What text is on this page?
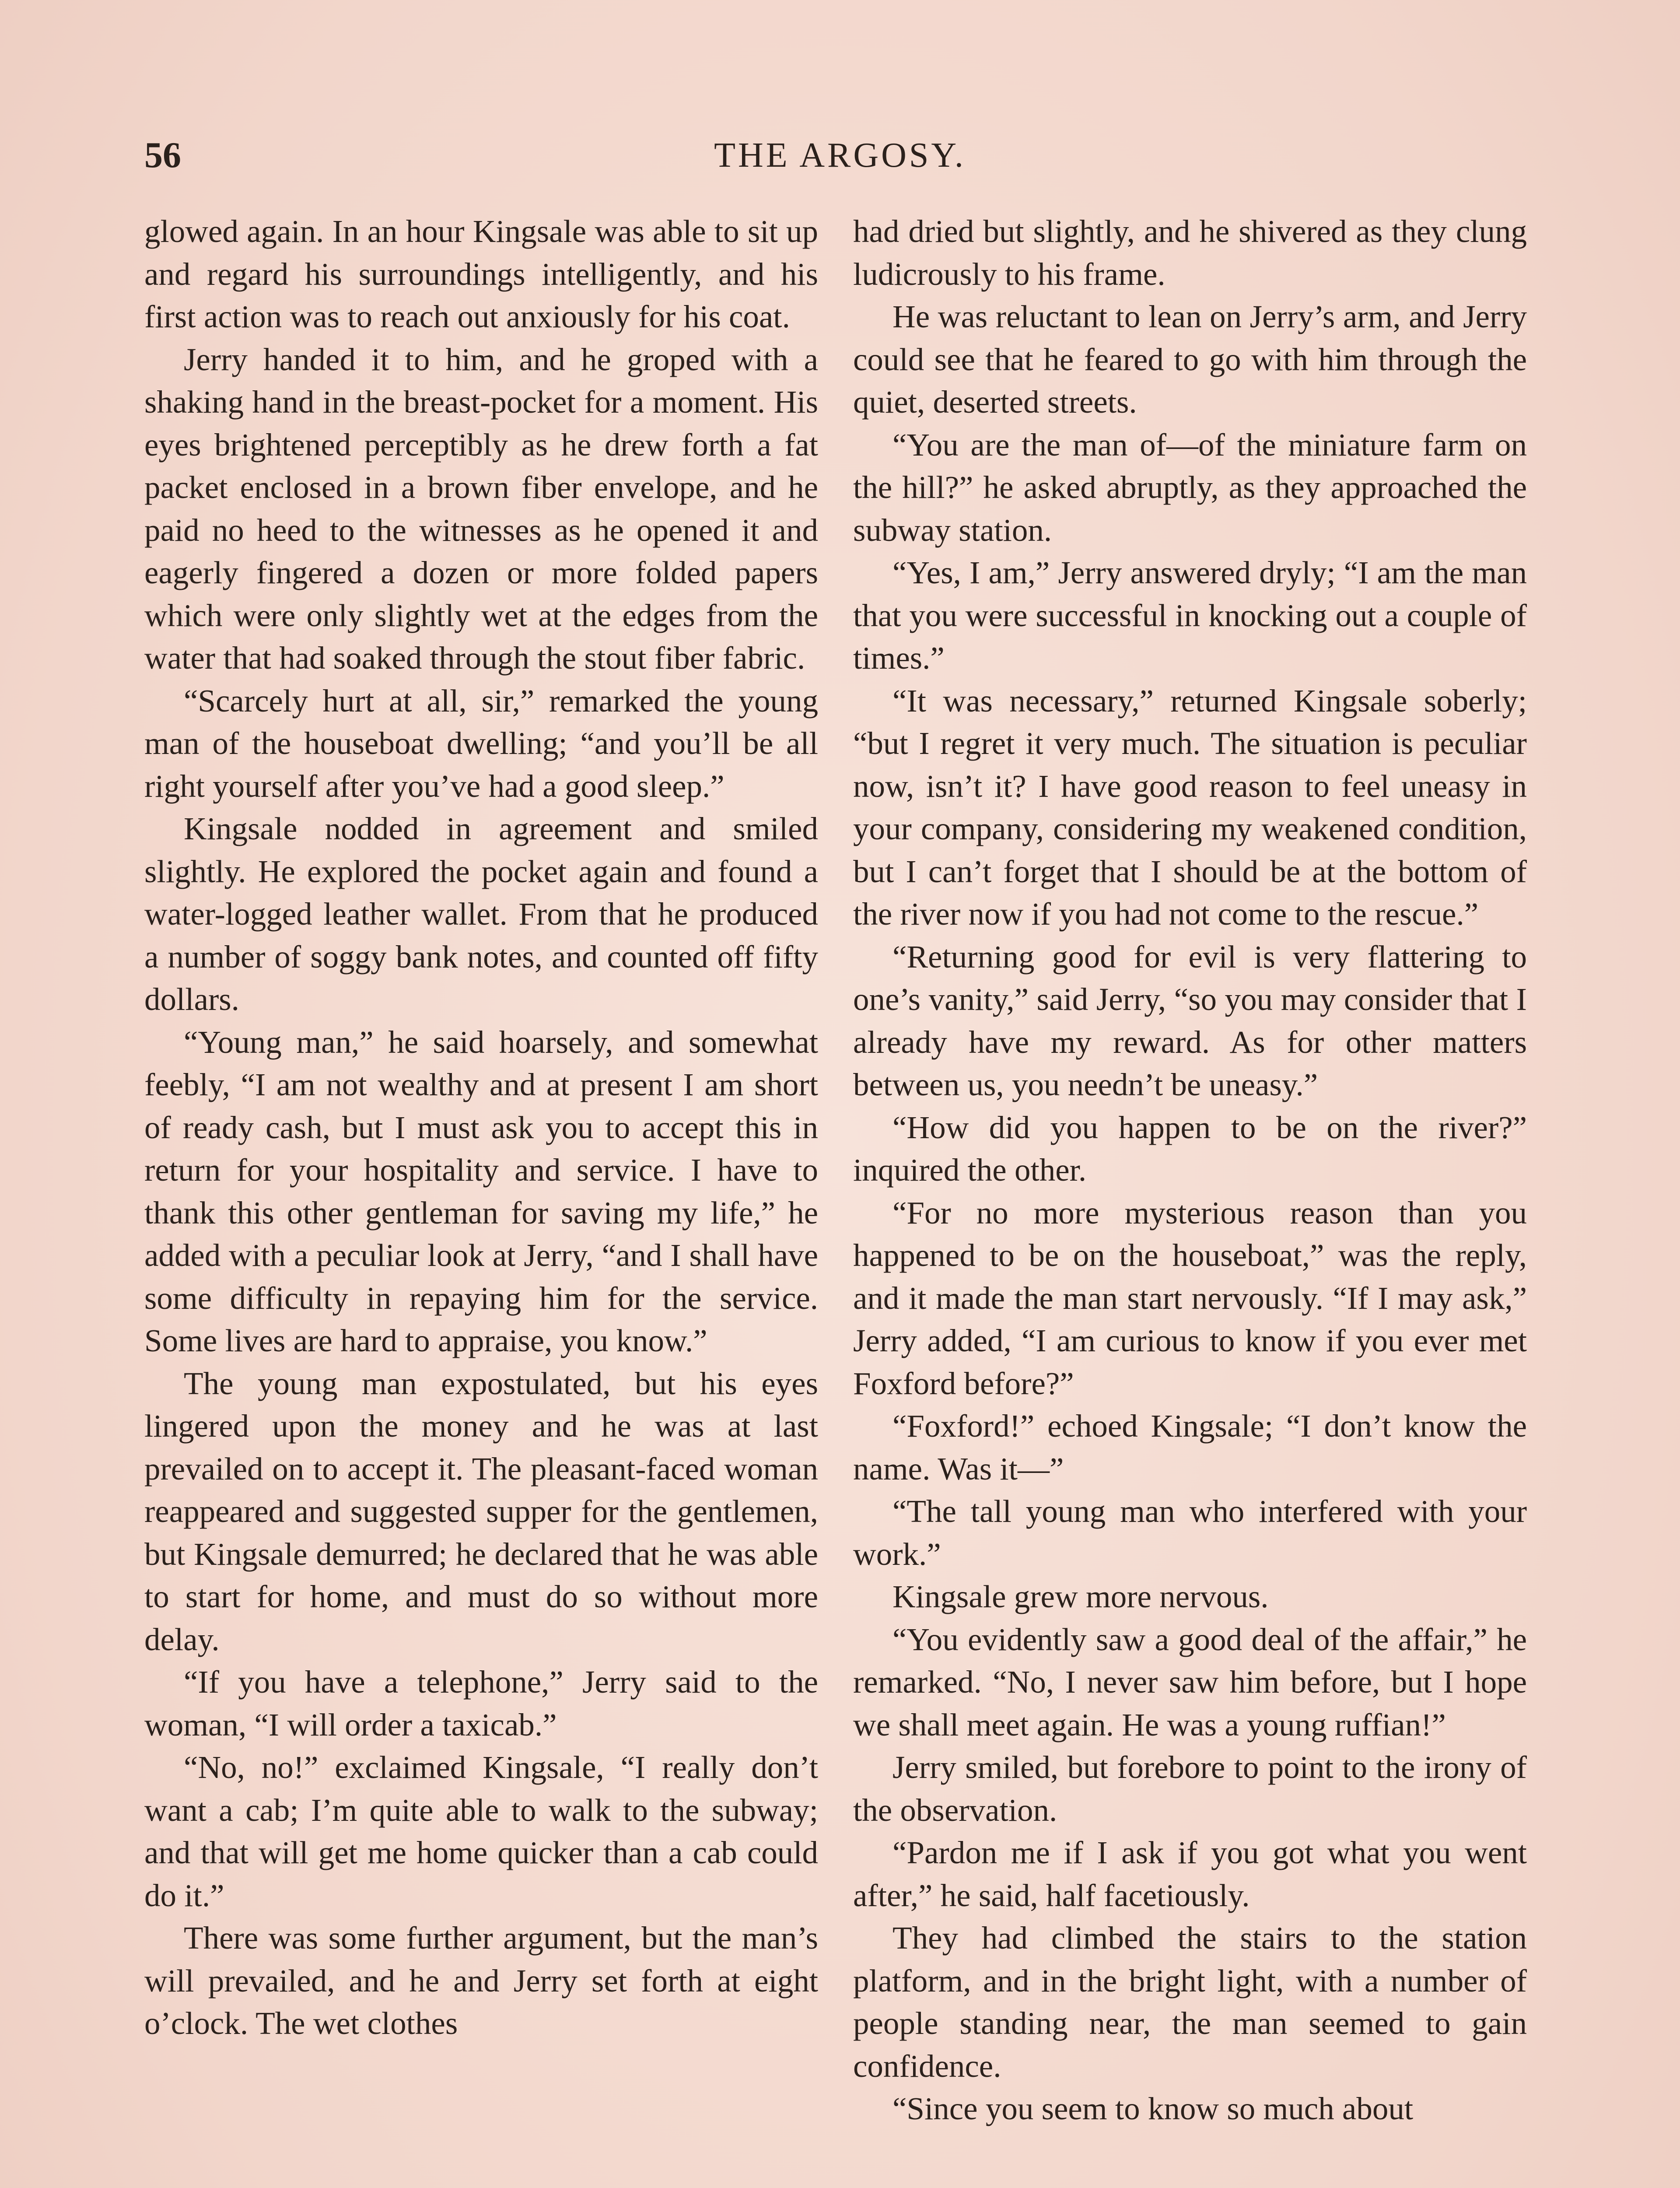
56	THE ARGOSY.

glowed again. In an hour Kingsale was able to sit up and regard his surroundings intelligently, and his first action was to reach out anxiously for his coat.

Jerry handed it to him, and he groped with a shaking hand in the breast-pocket for a moment. His eyes brightened perceptibly as he drew forth a fat packet enclosed in a brown fiber envelope, and he paid no heed to the witnesses as he opened it and eagerly fingered a dozen or more folded papers which were only slightly wet at the edges from the water that had soaked through the stout fiber fabric.

“Scarcely hurt at all, sir,” remarked the young man of the houseboat dwelling; “and you’ll be all right yourself after you’ve had a good sleep.”

Kingsale nodded in agreement and smiled slightly. He explored the pocket again and found a water-logged leather wallet. From that he produced a number of soggy bank notes, and counted off fifty dollars.

“Young man,” he said hoarsely, and somewhat feebly, “I am not wealthy and at present I am short of ready cash, but I must ask you to accept this in return for your hospitality and service. I have to thank this other gentleman for saving my life,” he added with a peculiar look at Jerry, “and I shall have some difficulty in repaying him for the service. Some lives are hard to appraise, you know.”

The young man expostulated, but his eyes lingered upon the money and he was at last prevailed on to accept it. The pleasant-faced woman reappeared and suggested supper for the gentlemen, but Kingsale demurred; he declared that he was able to start for home, and must do so without more delay.

“If you have a telephone,” Jerry said to the woman, “I will order a taxicab.”

“No, no!” exclaimed Kingsale, “I really don’t want a cab; I’m quite able to walk to the subway; and that will get me home quicker than a cab could do it.”

There was some further argument, but the man’s will prevailed, and he and Jerry set forth at eight o’clock. The wet clothes

had dried but slightly, and he shivered as they clung ludicrously to his frame.

He was reluctant to lean on Jerry’s arm, and Jerry could see that he feared to go with him through the quiet, deserted streets.

“You are the man of—of the miniature farm on the hill?” he asked abruptly, as they approached the subway station.

“Yes, I am,” Jerry answered dryly; “I am the man that you were successful in knocking out a couple of times.”

“It was necessary,” returned Kingsale soberly; “but I regret it very much. The situation is peculiar now, isn’t it? I have good reason to feel uneasy in your company, considering my weakened condition, but I can’t forget that I should be at the bottom of the river now if you had not come to the rescue.”

“Returning good for evil is very flattering to one’s vanity,” said Jerry, “so you may consider that I already have my reward. As for other matters between us, you needn’t be uneasy.”

“How did you happen to be on the river?” inquired the other.

“For no more mysterious reason than you happened to be on the houseboat,” was the reply, and it made the man start nervously. “If I may ask,” Jerry added, “I am curious to know if you ever met Foxford before?”

“Foxford!” echoed Kingsale; “I don’t know the name. Was it—”

“The tall young man who interfered with your work.”

Kingsale grew more nervous.

“You evidently saw a good deal of the affair,” he remarked. “No, I never saw him before, but I hope we shall meet again. He was a young ruffian!”

Jerry smiled, but forebore to point to the irony of the observation.

“Pardon me if I ask if you got what you went after,” he said, half facetiously.

They had climbed the stairs to the station platform, and in the bright light, with a number of people standing near, the man seemed to gain confidence.

“Since you seem to know so much about
